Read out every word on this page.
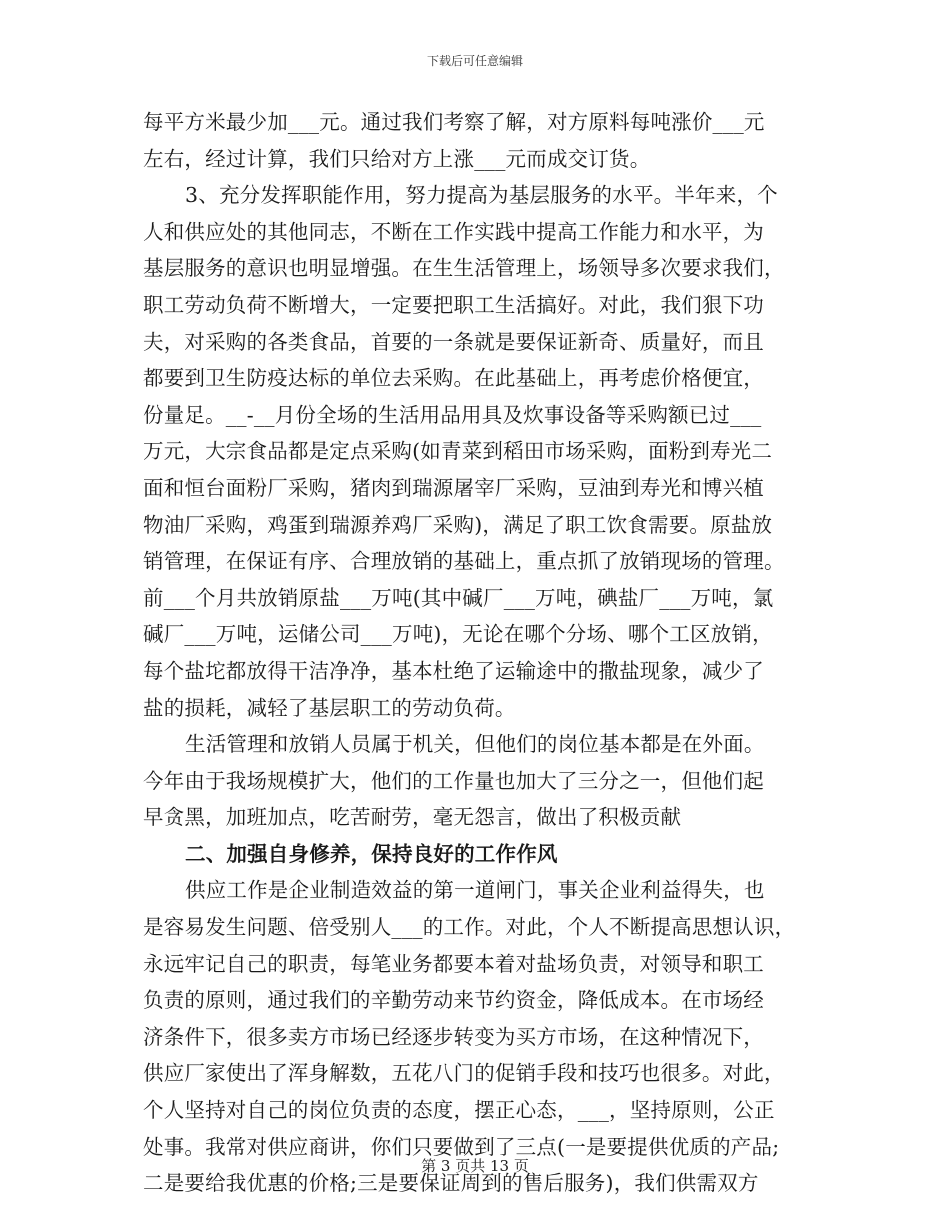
下载后可任意编辑
每平方米最少加___元。通过我们考察了解，对方原料每吨涨价___元
左右，经过计算，我们只给对方上涨___元而成交订货。
3、充分发挥职能作用，努力提高为基层服务的水平。半年来，个
人和供应处的其他同志，不断在工作实践中提高工作能力和水平，为
基层服务的意识也明显增强。在生生活管理上，场领导多次要求我们，
职工劳动负荷不断增大，一定要把职工生活搞好。对此，我们狠下功
夫，对采购的各类食品，首要的一条就是要保证新奇、质量好，而且
都要到卫生防疫达标的单位去采购。在此基础上，再考虑价格便宜，
份量足。__-__月份全场的生活用品用具及炊事设备等采购额已过___
万元，大宗食品都是定点采购(如青菜到稻田市场采购，面粉到寿光二
面和恒台面粉厂采购，猪肉到瑞源屠宰厂采购，豆油到寿光和博兴植
物油厂采购，鸡蛋到瑞源养鸡厂采购)，满足了职工饮食需要。原盐放
销管理，在保证有序、合理放销的基础上，重点抓了放销现场的管理。
前___个月共放销原盐___万吨(其中碱厂___万吨，碘盐厂___万吨，氯
碱厂___万吨，运储公司___万吨)，无论在哪个分场、哪个工区放销，
每个盐坨都放得干洁净净，基本杜绝了运输途中的撒盐现象，减少了
盐的损耗，减轻了基层职工的劳动负荷。
生活管理和放销人员属于机关，但他们的岗位基本都是在外面。
今年由于我场规模扩大，他们的工作量也加大了三分之一，但他们起
早贪黑，加班加点，吃苦耐劳，毫无怨言，做出了积极贡献
二、加强自身修养，保持良好的工作作风
供应工作是企业制造效益的第一道闸门，事关企业利益得失，也
是容易发生问题、倍受别人___的工作。对此，个人不断提高思想认识，
永远牢记自己的职责，每笔业务都要本着对盐场负责，对领导和职工
负责的原则，通过我们的辛勤劳动来节约资金，降低成本。在市场经
济条件下，很多卖方市场已经逐步转变为买方市场，在这种情况下，
供应厂家使出了浑身解数，五花八门的促销手段和技巧也很多。对此，
个人坚持对自己的岗位负责的态度，摆正心态，___，坚持原则，公正
处事。我常对供应商讲，你们只要做到了三点(一是要提供优质的产品;
二是要给我优惠的价格;三是要保证周到的售后服务)，我们供需双方
第 3 页共 13 页
